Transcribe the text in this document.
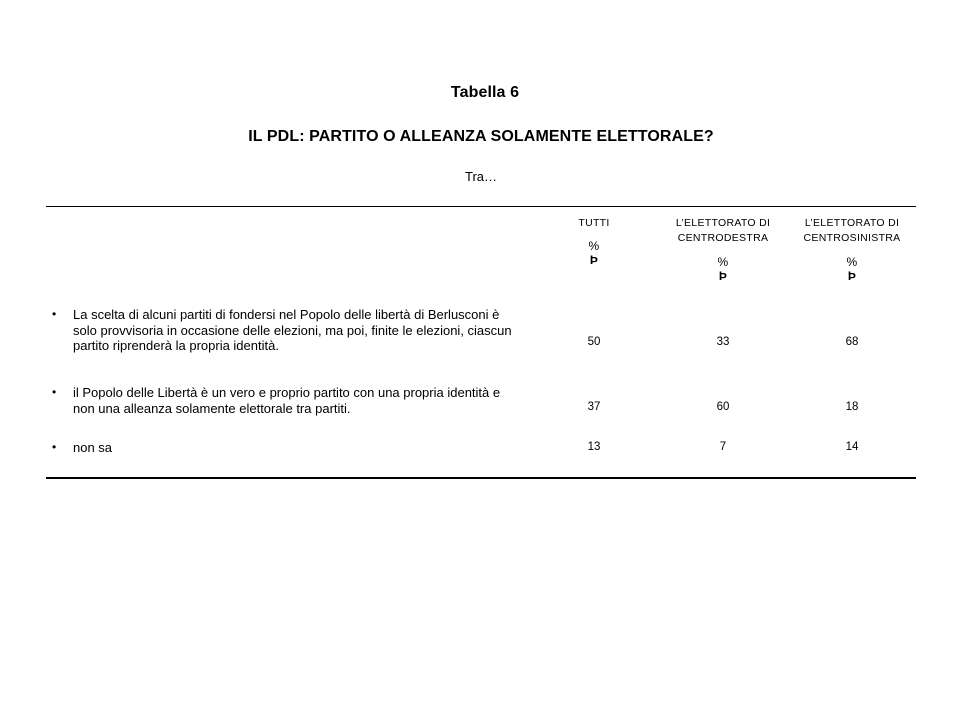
Tabella 6
IL PDL: PARTITO O ALLEANZA SOLAMENTE ELETTORALE?
Tra…
TUTTI
%
Þ
L’ELETTORATO DI
CENTRODESTRA
%
Þ
L’ELETTORATO DI
CENTROSINISTRA
%
Þ
•	La scelta di alcuni partiti di fondersi nel Popolo delle libertà di Berlusconi è solo provvisoria in occasione delle elezioni, ma poi, finite le elezioni, ciascun partito riprenderà la propria identità.	50	33	68
•	il Popolo delle Libertà è un vero e proprio partito con una propria identità e non una alleanza solamente elettorale tra partiti.	37	60	18
•	non sa	13	7	14
